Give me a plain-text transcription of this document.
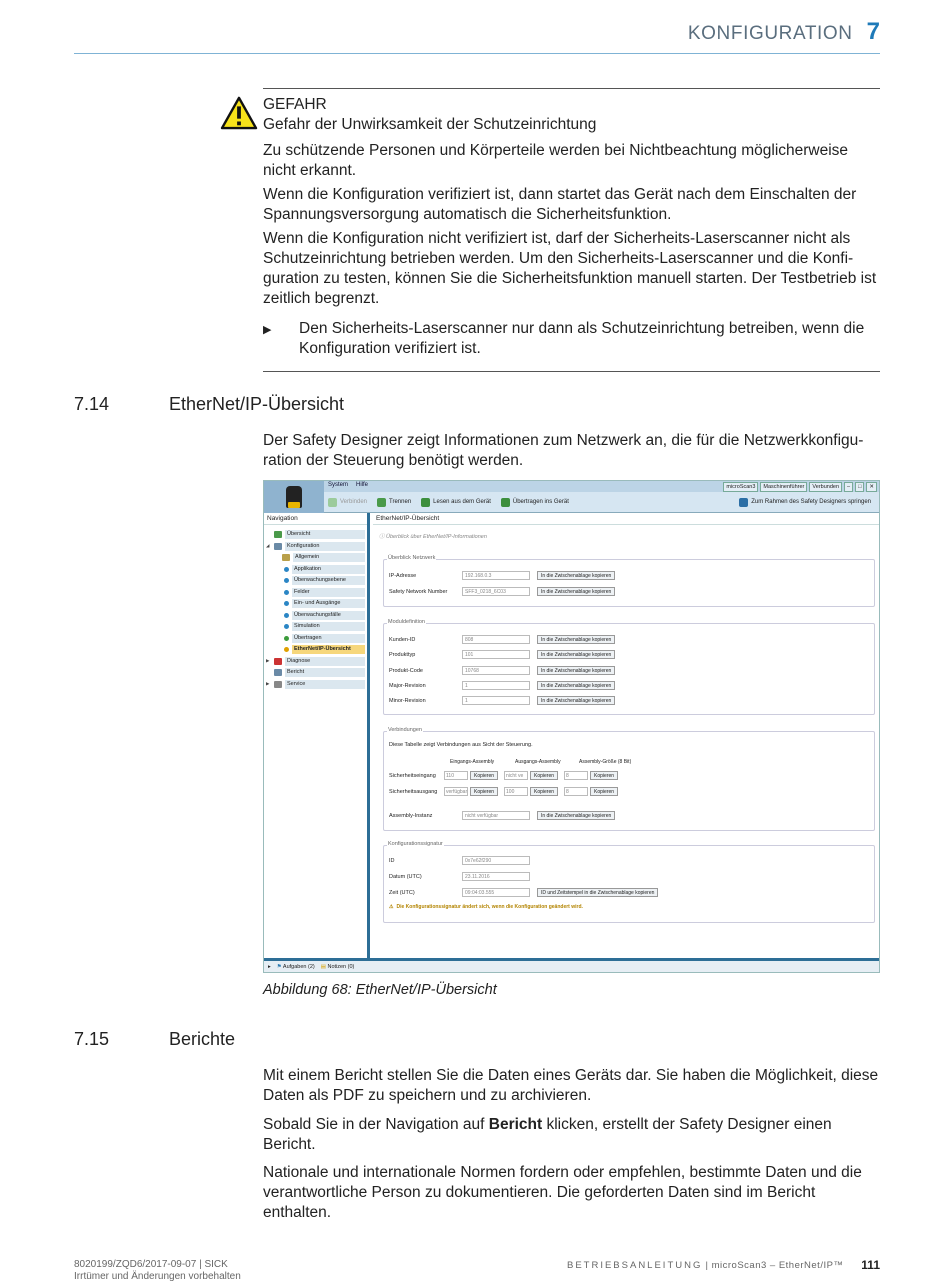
KONFIGURATION 7
GEFAHR

Gefahr der Unwirksamkeit der Schutzeinrichtung

Zu schützende Personen und Körperteile werden bei Nichtbeachtung möglicherweise nicht erkannt.

Wenn die Konfiguration verifiziert ist, dann startet das Gerät nach dem Einschalten der Spannungsversorgung automatisch die Sicherheitsfunktion.

Wenn die Konfiguration nicht verifiziert ist, darf der Sicherheits-Laserscanner nicht als Schutzeinrichtung betrieben werden. Um den Sicherheits-Laserscanner und die Konfiguration zu testen, können Sie die Sicherheitsfunktion manuell starten. Der Testbetrieb ist zeitlich begrenzt.

▶	Den Sicherheits-Laserscanner nur dann als Schutzeinrichtung betreiben, wenn die Konfiguration verifiziert ist.
7.14	EtherNet/IP-Übersicht
Der Safety Designer zeigt Informationen zum Netzwerk an, die für die Netzwerkkonfiguration der Steuerung benötigt werden.
System Hilfe	microScan3	Maschinenführer	Verbunden	–	□	✕
Verbinden	Trennen	Lesen aus dem Gerät	Übertragen ins Gerät	Zum Rahmen des Safety Designers springen
Navigation
Übersicht
◢	Konfiguration
Allgemein
Applikation
Überwachungsebene
Felder
Ein- und Ausgänge
Überwachungsfälle
Simulation
Übertragen
EtherNet/IP-Übersicht
▶	Diagnose
Bericht
▶	Service
EtherNet/IP-Übersicht
ⓘ Überblick über EtherNet/IP-Informationen
Überblick Netzwerk
IP-Adresse	192.168.0.3	In die Zwischenablage kopieren
Safety Network Number	SFF3_0218_6C03	In die Zwischenablage kopieren
Moduldefinition
Kunden-ID	808	In die Zwischenablage kopieren
Produkttyp	101	In die Zwischenablage kopieren
Produkt-Code	10768	In die Zwischenablage kopieren
Major-Revision	1	In die Zwischenablage kopieren
Minor-Revision	1	In die Zwischenablage kopieren
Verbindungen
Diese Tabelle zeigt Verbindungen aus Sicht der Steuerung.
Eingangs-Assembly	Ausgangs-Assembly	Assembly-Größe (8 Bit)
Sicherheitseingang	110	Kopieren	nicht ve	Kopieren	8	Kopieren
Sicherheitsausgang	verfügbar	Kopieren	100	Kopieren	8	Kopieren
Assembly-Instanz	nicht verfügbar	In die Zwischenablage kopieren
Konfigurationssignatur
ID	0x7e62f290
Datum (UTC)	23.11.2016
Zeit (UTC)	09:04:03.555	ID und Zeitstempel in die Zwischenablage kopieren
⚠ Die Konfigurationssignatur ändert sich, wenn die Konfiguration geändert wird.
▸ ⚑ Aufgaben (2) ▤ Notizen (0)
Abbildung 68: EtherNet/IP-Übersicht
7.15	Berichte
Mit einem Bericht stellen Sie die Daten eines Geräts dar. Sie haben die Möglichkeit, diese Daten als PDF zu speichern und zu archivieren.
Sobald Sie in der Navigation auf Bericht klicken, erstellt der Safety Designer einen Bericht.
Nationale und internationale Normen fordern oder empfehlen, bestimmte Daten und die verantwortliche Person zu dokumentieren. Die geforderten Daten sind im Bericht enthalten.
8020199/ZQD6/2017-09-07 | SICK
Irrtümer und Änderungen vorbehalten
BETRIEBSANLEITUNG | microScan3 – EtherNet/IP™ 111
